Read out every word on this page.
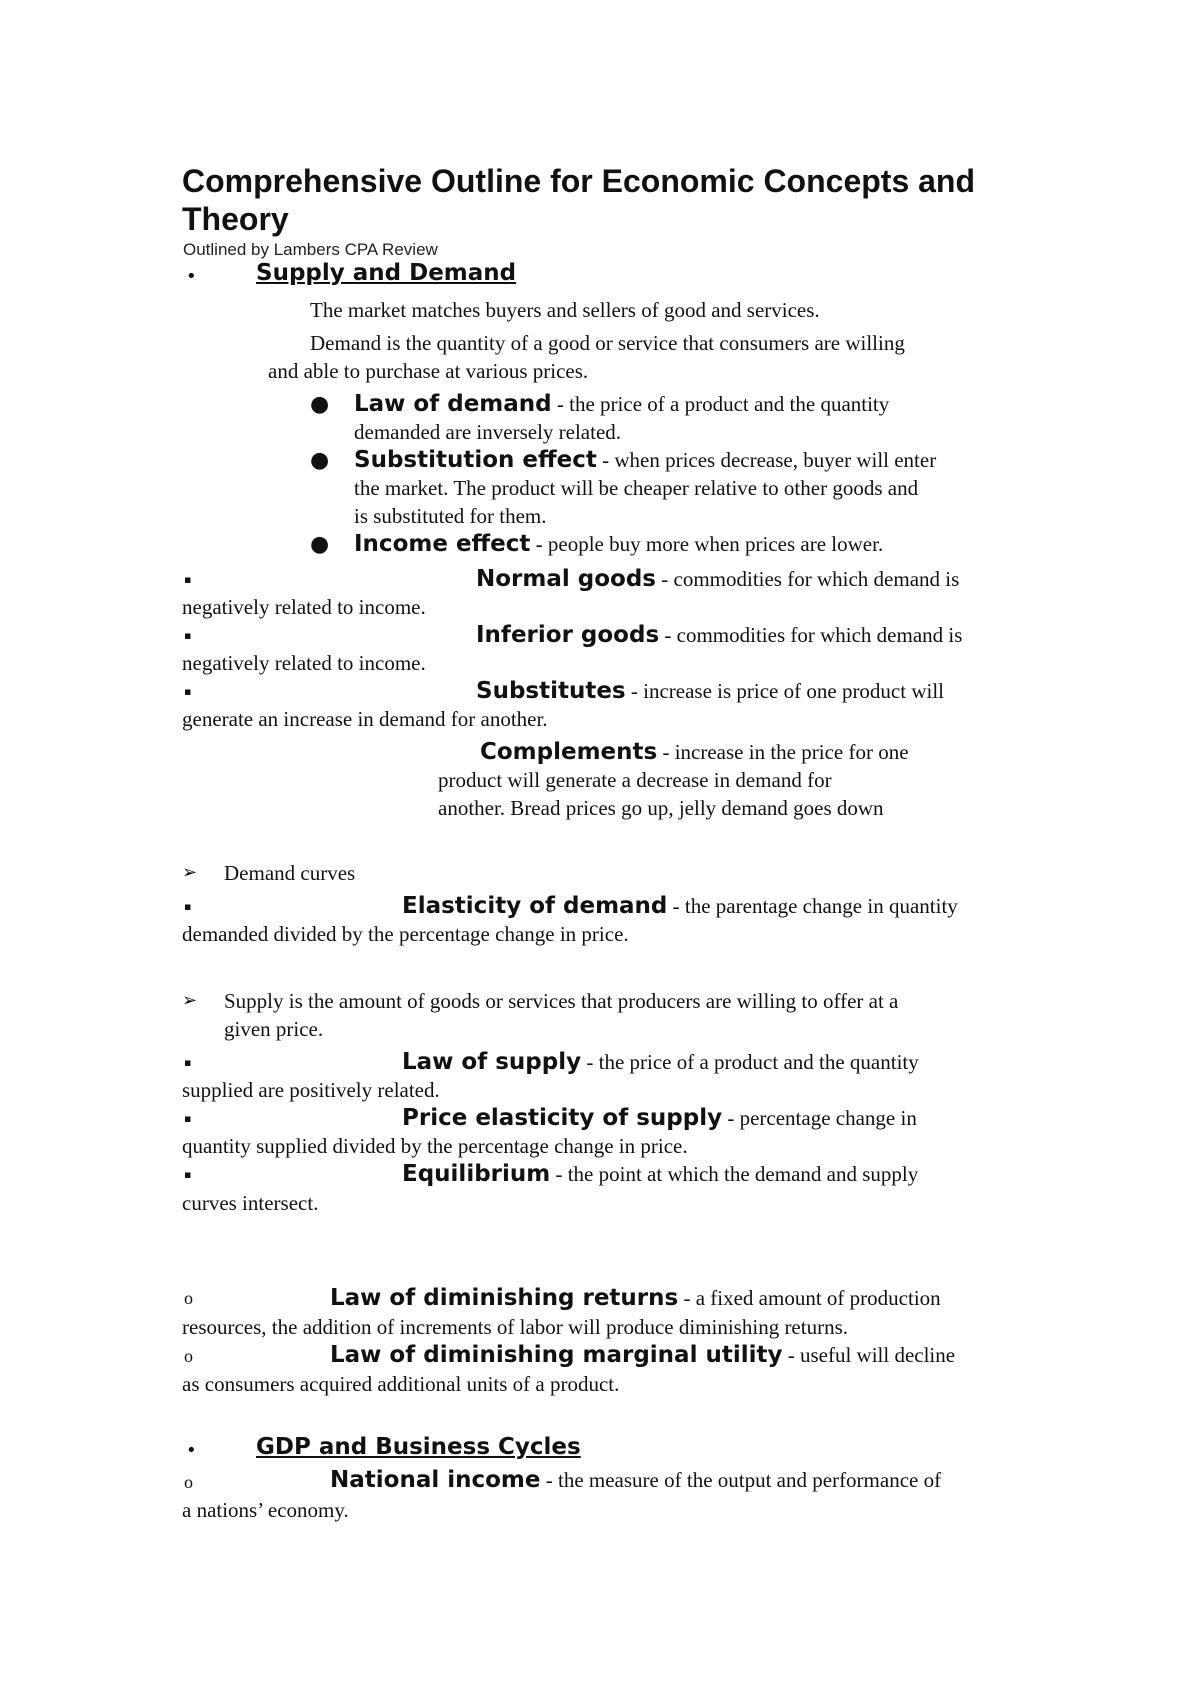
Comprehensive Outline for Economic Concepts and
Theory
Outlined by Lambers CPA Review
•	Supply and Demand
The market matches buyers and sellers of good and services.
Demand is the quantity of a good or service that consumers are willing
and able to purchase at various prices.
● Law of demand - the price of a product and the quantity
demanded are inversely related.
● Substitution effect - when prices decrease, buyer will enter
the market. The product will be cheaper relative to other goods and
is substituted for them.
● Income effect - people buy more when prices are lower.
▪	Normal goods - commodities for which demand is
negatively related to income.
▪	Inferior goods - commodities for which demand is
negatively related to income.
▪	Substitutes - increase is price of one product will
generate an increase in demand for another.
Complements - increase in the price for one
product will generate a decrease in demand for
another. Bread prices go up, jelly demand goes down
➢ Demand curves
▪	Elasticity of demand - the parentage change in quantity
demanded divided by the percentage change in price.
➢ Supply is the amount of goods or services that producers are willing to offer at a
given price.
▪	Law of supply - the price of a product and the quantity
supplied are positively related.
▪	Price elasticity of supply - percentage change in
quantity supplied divided by the percentage change in price.
▪	Equilibrium - the point at which the demand and supply
curves intersect.
o	Law of diminishing returns - a fixed amount of production
resources, the addition of increments of labor will produce diminishing returns.
o	Law of diminishing marginal utility - useful will decline
as consumers acquired additional units of a product.
•	GDP and Business Cycles
o	National income - the measure of the output and performance of
a nations’ economy.
